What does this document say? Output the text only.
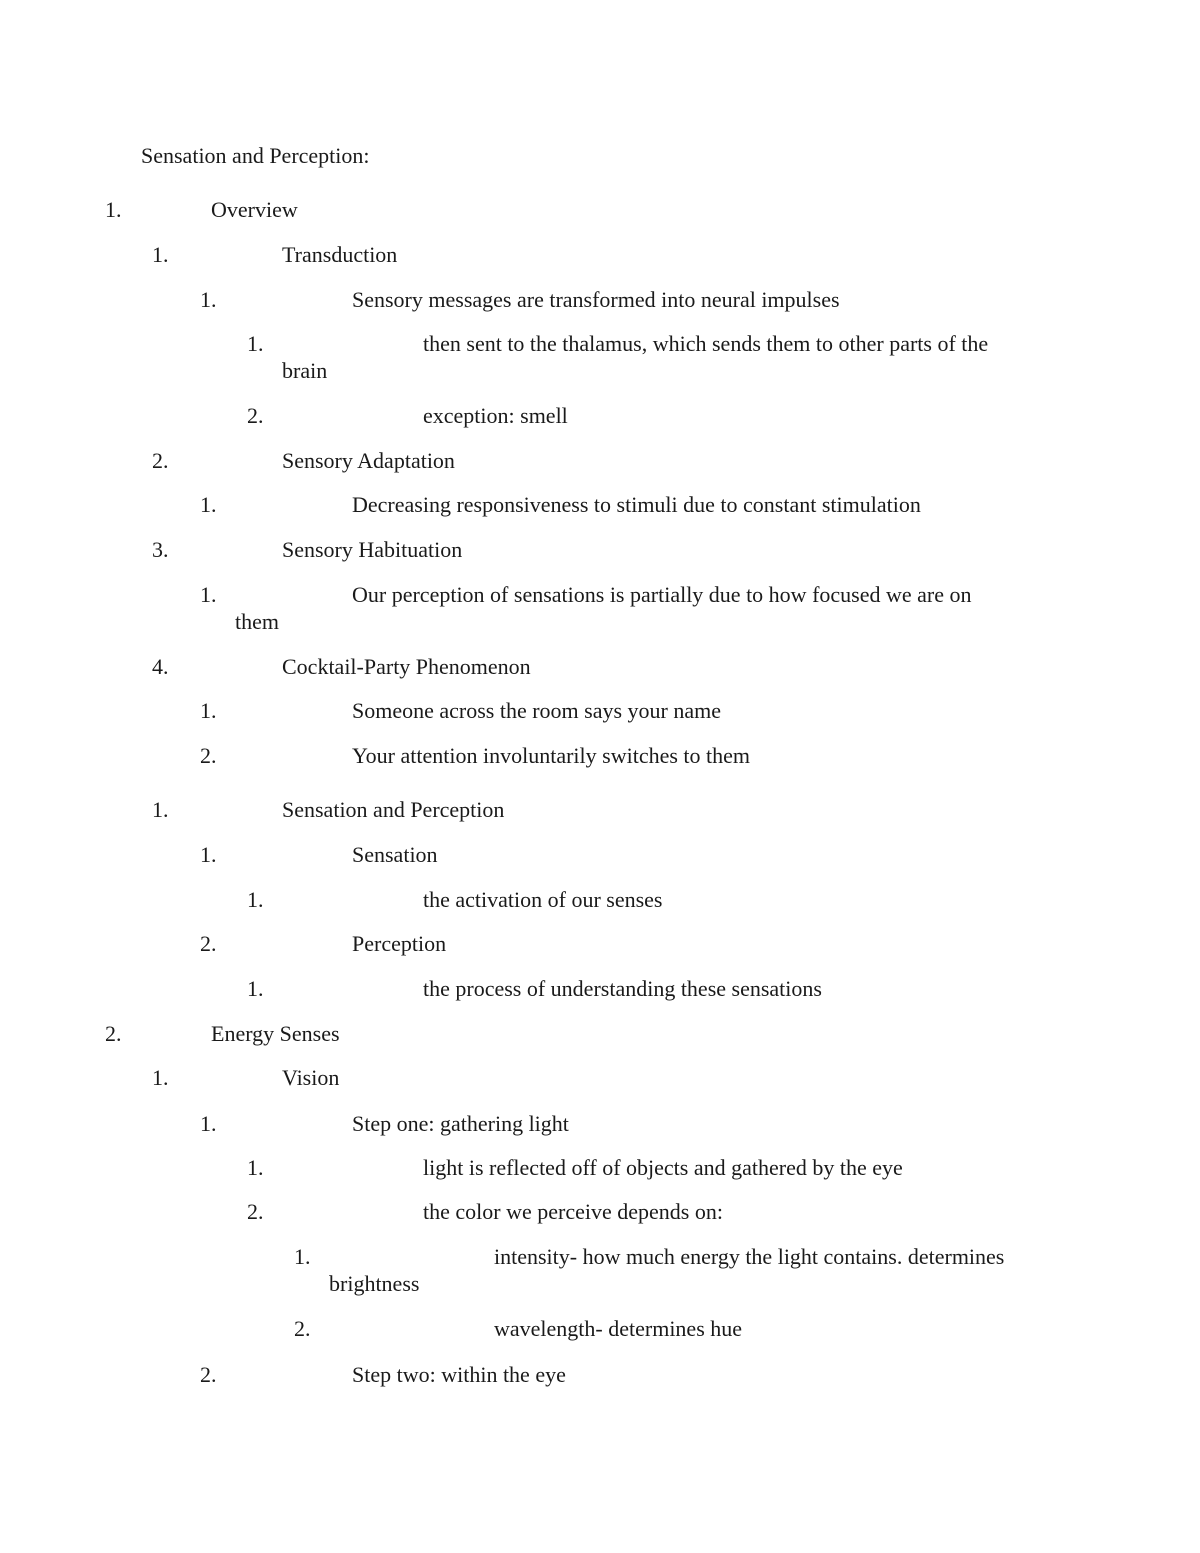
Sensation and Perception:
1.	Overview
1.	Transduction
1.	Sensory messages are transformed into neural impulses
1.	then sent to the thalamus, which sends them to other parts of the
brain
2.	exception: smell
2.	Sensory Adaptation
1.	Decreasing responsiveness to stimuli due to constant stimulation
3.	Sensory Habituation
1.	Our perception of sensations is partially due to how focused we are on
them
4.	Cocktail-Party Phenomenon
1.	Someone across the room says your name
2.	Your attention involuntarily switches to them
1.	Sensation and Perception
1.	Sensation
1.	the activation of our senses
2.	Perception
1.	the process of understanding these sensations
2.	Energy Senses
1.	Vision
1.	Step one: gathering light
1.	light is reflected off of objects and gathered by the eye
2.	the color we perceive depends on:
1.	intensity- how much energy the light contains. determines
brightness
2.	wavelength- determines hue
2.	Step two: within the eye
